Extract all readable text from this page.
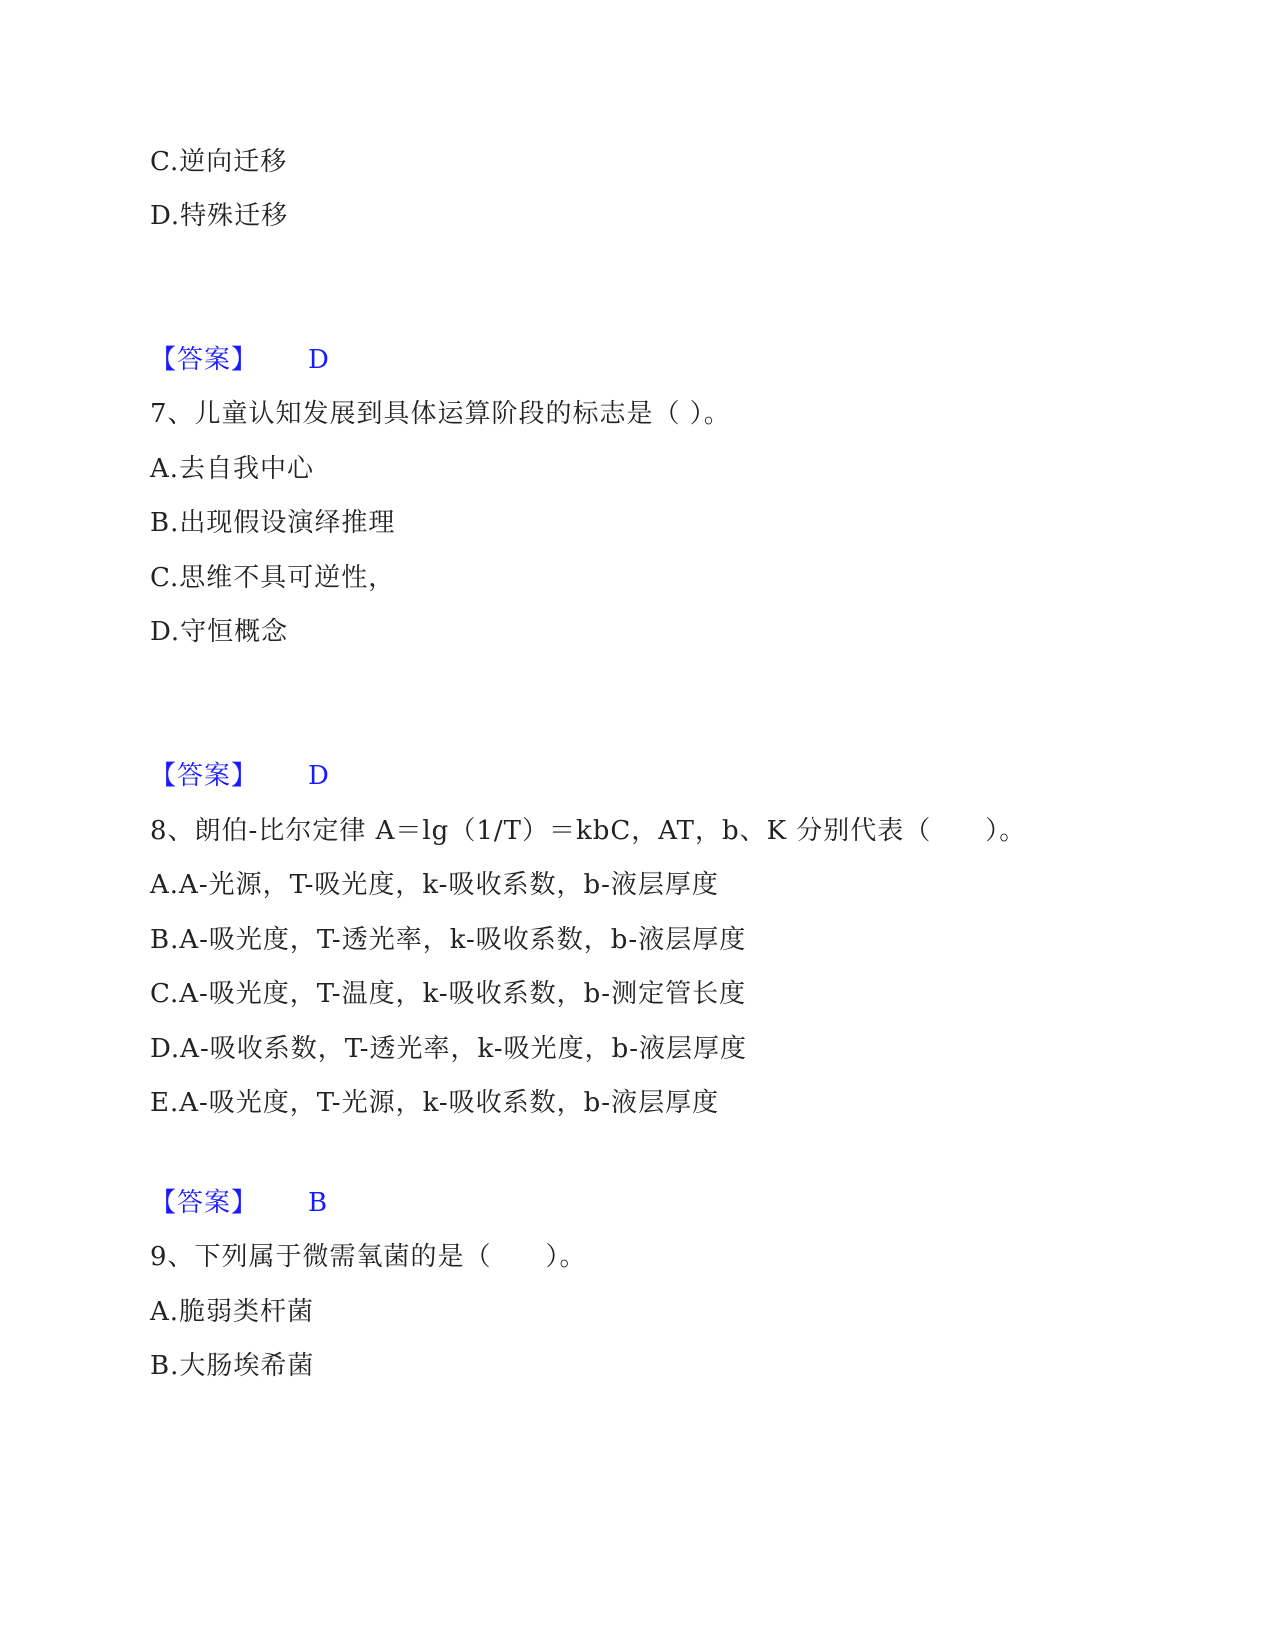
C.逆向迁移
D.特殊迁移
【答案】 D
7、儿童认知发展到具体运算阶段的标志是（ ）。
A.去自我中心
B.出现假设演绎推理
C.思维不具可逆性，
D.守恒概念
【答案】 D
8、朗伯-比尔定律 A＝lg（1/T）＝kbC，AT，b、K 分别代表（　　）。
A.A-光源，T-吸光度，k-吸收系数，b-液层厚度
B.A-吸光度，T-透光率，k-吸收系数，b-液层厚度
C.A-吸光度，T-温度，k-吸收系数，b-测定管长度
D.A-吸收系数，T-透光率，k-吸光度，b-液层厚度
E.A-吸光度，T-光源，k-吸收系数，b-液层厚度
【答案】 B
9、下列属于微需氧菌的是（　　）。
A.脆弱类杆菌
B.大肠埃希菌
